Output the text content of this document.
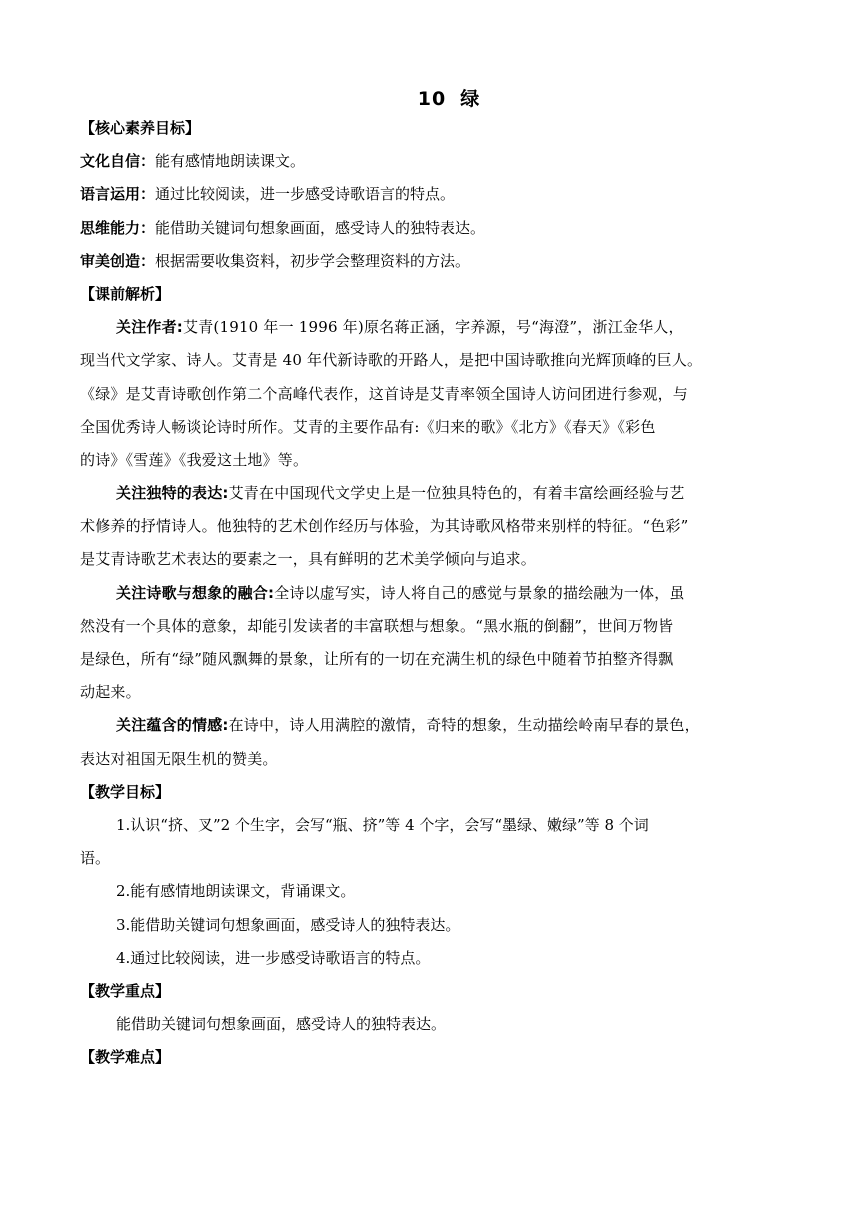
10 绿
【核心素养目标】
文化自信：能有感情地朗读课文。
语言运用：通过比较阅读，进一步感受诗歌语言的特点。
思维能力：能借助关键词句想象画面，感受诗人的独特表达。
审美创造：根据需要收集资料，初步学会整理资料的方法。
【课前解析】
关注作者:艾青(1910 年一 1996 年)原名蒋正涵，字养源，号“海澄”，浙江金华人，
现当代文学家、诗人。艾青是 40 年代新诗歌的开路人，是把中国诗歌推向光辉顶峰的巨人。
《绿》是艾青诗歌创作第二个高峰代表作，这首诗是艾青率领全国诗人访问团进行参观，与
全国优秀诗人畅谈论诗时所作。艾青的主要作品有:《归来的歌》《北方》《春天》《彩色
的诗》《雪莲》《我爱这土地》等。
关注独特的表达:艾青在中国现代文学史上是一位独具特色的，有着丰富绘画经验与艺
术修养的抒情诗人。他独特的艺术创作经历与体验，为其诗歌风格带来别样的特征。“色彩”
是艾青诗歌艺术表达的要素之一，具有鲜明的艺术美学倾向与追求。
关注诗歌与想象的融合:全诗以虚写实，诗人将自己的感觉与景象的描绘融为一体，虽
然没有一个具体的意象，却能引发读者的丰富联想与想象。“黑水瓶的倒翻”，世间万物皆
是绿色，所有“绿”随风飘舞的景象，让所有的一切在充满生机的绿色中随着节拍整齐得飘
动起来。
关注蕴含的情感:在诗中，诗人用满腔的激情，奇特的想象，生动描绘岭南早春的景色，
表达对祖国无限生机的赞美。
【教学目标】
1.认识“挤、叉”2 个生字，会写“瓶、挤”等 4 个字，会写“墨绿、嫩绿”等 8 个词
语。
2.能有感情地朗读课文，背诵课文。
3.能借助关键词句想象画面，感受诗人的独特表达。
4.通过比较阅读，进一步感受诗歌语言的特点。
【教学重点】
能借助关键词句想象画面，感受诗人的独特表达。
【教学难点】
